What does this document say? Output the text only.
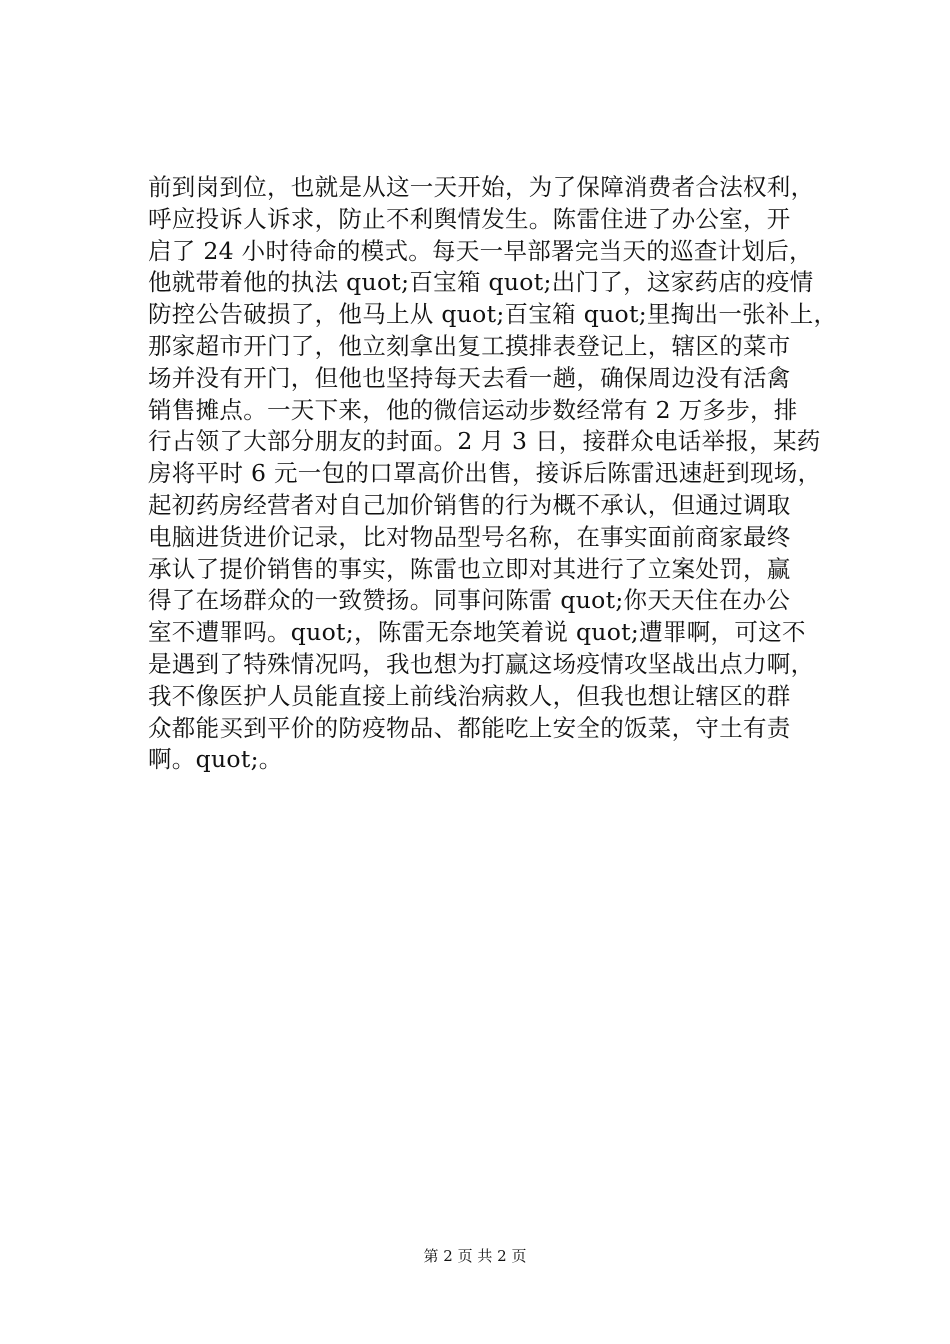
前到岗到位，也就是从这一天开始，为了保障消费者合法权利，
呼应投诉人诉求，防止不利舆情发生。陈雷住进了办公室，开
启了 24 小时待命的模式。每天一早部署完当天的巡查计划后，
他就带着他的执法 quot;百宝箱 quot;出门了，这家药店的疫情
防控公告破损了，他马上从 quot;百宝箱 quot;里掏出一张补上，
那家超市开门了，他立刻拿出复工摸排表登记上，辖区的菜市
场并没有开门，但他也坚持每天去看一趟，确保周边没有活禽
销售摊点。一天下来，他的微信运动步数经常有 2 万多步，排
行占领了大部分朋友的封面。2 月 3 日，接群众电话举报，某药
房将平时 6 元一包的口罩高价出售，接诉后陈雷迅速赶到现场，
起初药房经营者对自己加价销售的行为概不承认，但通过调取
电脑进货进价记录，比对物品型号名称，在事实面前商家最终
承认了提价销售的事实，陈雷也立即对其进行了立案处罚，赢
得了在场群众的一致赞扬。同事问陈雷 quot;你天天住在办公
室不遭罪吗。quot;，陈雷无奈地笑着说 quot;遭罪啊，可这不
是遇到了特殊情况吗，我也想为打赢这场疫情攻坚战出点力啊，
我不像医护人员能直接上前线治病救人，但我也想让辖区的群
众都能买到平价的防疫物品、都能吃上安全的饭菜，守土有责
啊。quot;。

第 2 页 共 2 页
